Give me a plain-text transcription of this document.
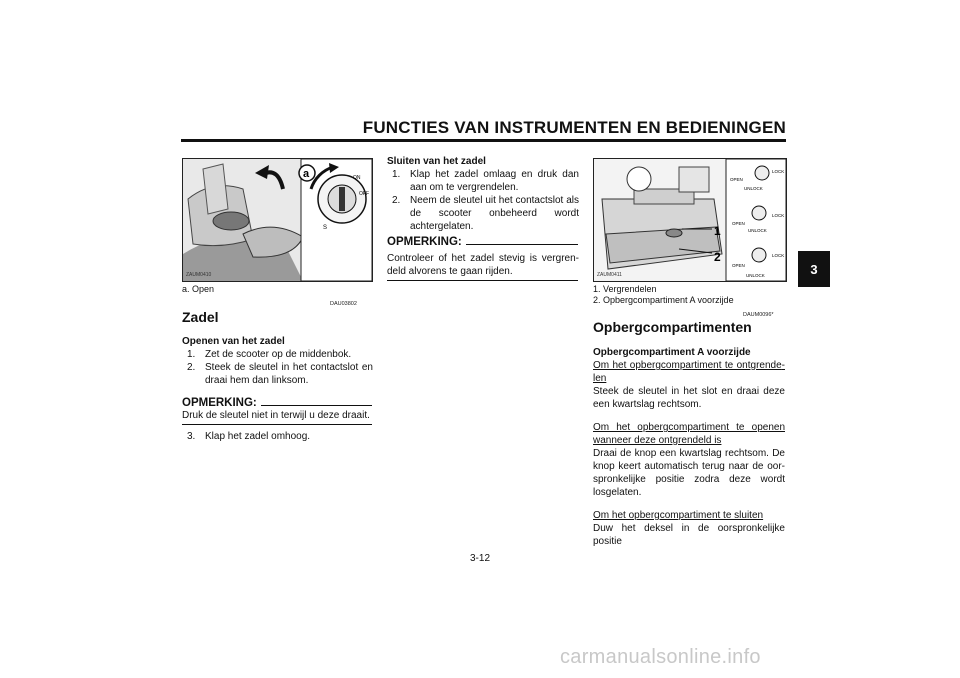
FUNCTIES VAN INSTRUMENTEN EN BEDIENINGEN
3
a
S
ON
OFF
ZAUM0410
a. Open
DAU03802
Zadel
Openen van het zadel
1. Zet de scooter op de middenbok.
2. Steek de sleutel in het contactslot en draai hem dan linksom.
OPMERKING:
Druk de sleutel niet in terwijl u deze draait.
3. Klap het zadel omhoog.
Sluiten van het zadel
1. Klap het zadel omlaag en druk dan aan om te vergrendelen.
2. Neem de sleutel uit het contactslot als de scooter onbeheerd wordt achtergelaten.
OPMERKING:
Controleer of het zadel stevig is vergrendeld alvorens te gaan rijden.
1
2
OPEN
LOCK
UNLOCK
OPEN
LOCK
UNLOCK
OPEN
LOCK
UNLOCK
ZAUM0411
1. Vergrendelen
2. Opbergcompartiment A voorzijde
DAUM0096*
Opbergcompartimenten
Opbergcompartiment A voorzijde
Om het opbergcompartiment te ontgrendelen
Steek de sleutel in het slot en draai deze een kwartslag rechtsom.
Om het opbergcompartiment te openen wanneer deze ontgrendeld is
Draai de knop een kwartslag rechtsom. De knop keert automatisch terug naar de oorspronkelijke positie zodra deze wordt losgelaten.
Om het opbergcompartiment te sluiten
Duw het deksel in de oorspronkelijke positie
3-12
carmanualsonline.info
